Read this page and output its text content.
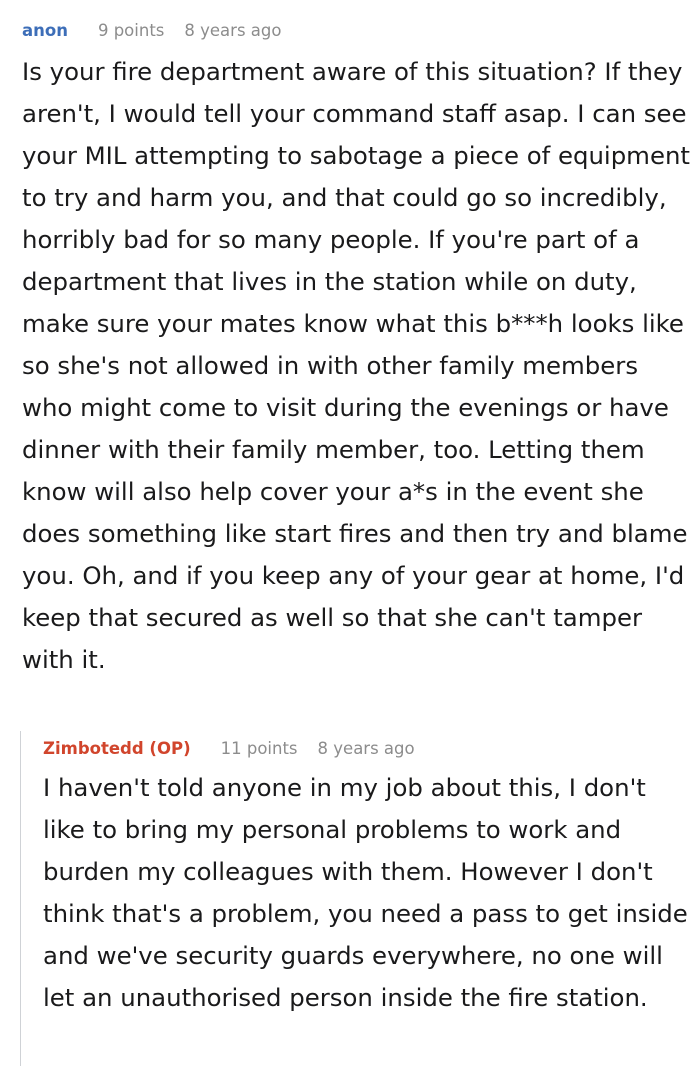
anon 9 points 8 years ago

Is your fire department aware of this situation? If they aren't, I would tell your command staff asap. I can see your MIL attempting to sabotage a piece of equipment to try and harm you, and that could go so incredibly, horribly bad for so many people. If you're part of a department that lives in the station while on duty, make sure your mates know what this b***h looks like so she's not allowed in with other family members who might come to visit during the evenings or have dinner with their family member, too. Letting them know will also help cover your a*s in the event she does something like start fires and then try and blame you. Oh, and if you keep any of your gear at home, I'd keep that secured as well so that she can't tamper with it.

Zimbotedd (OP) 11 points 8 years ago

I haven't told anyone in my job about this, I don't like to bring my personal problems to work and burden my colleagues with them. However I don't think that's a problem, you need a pass to get inside and we've security guards everywhere, no one will let an unauthorised person inside the fire station.
